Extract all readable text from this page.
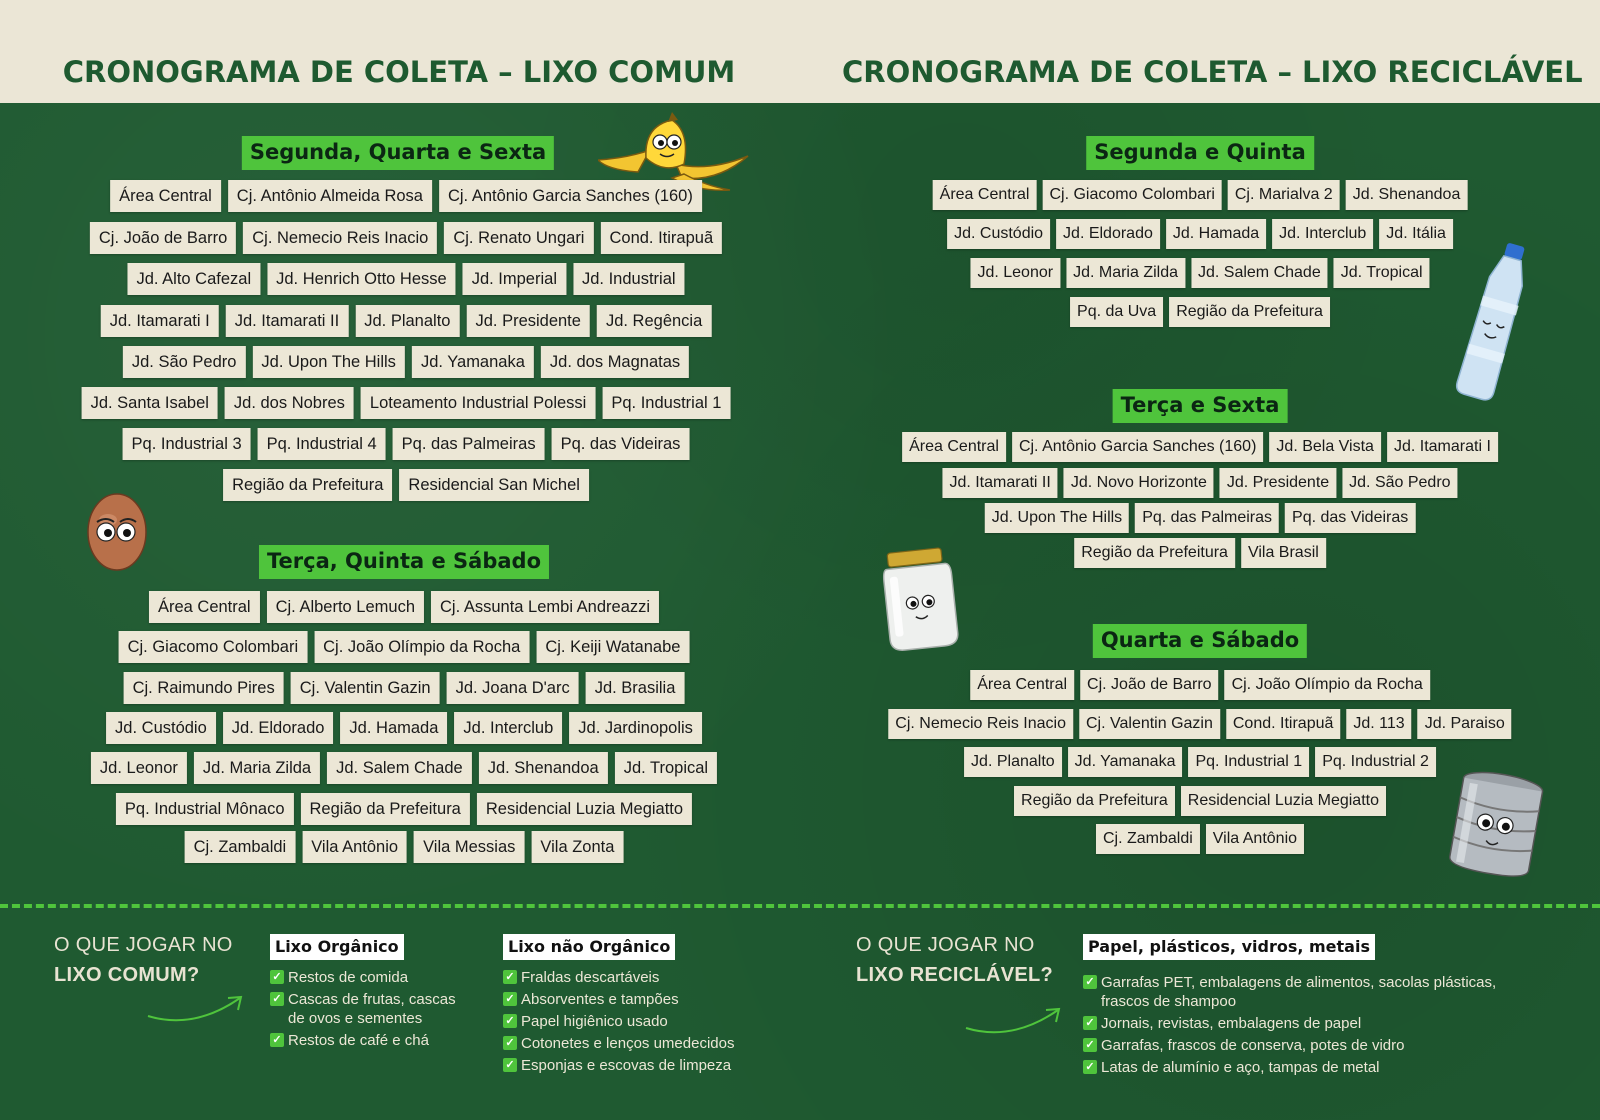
CRONOGRAMA DE COLETA – LIXO COMUM	CRONOGRAMA DE COLETA – LIXO RECICLÁVEL
Segunda, Quarta e Sexta
Terça, Quinta e Sábado
Segunda e Quinta
Terça e Sexta
Quarta e Sábado
O QUE JOGAR NO
LIXO COMUM?
Lixo Orgânico
✓ Restos de comida
✓ Cascas de frutas, cascas de ovos e sementes
✓ Restos de café e chá
Lixo não Orgânico
✓ Fraldas descartáveis
✓ Absorventes e tampões
✓ Papel higiênico usado
✓ Cotonetes e lenços umedecidos
✓ Esponjas e escovas de limpeza
O QUE JOGAR NO
LIXO RECICLÁVEL?
Papel, plásticos, vidros, metais
✓ Garrafas PET, embalagens de alimentos, sacolas plásticas, frascos de shampoo
✓ Jornais, revistas, embalagens de papel
✓ Garrafas, frascos de conserva, potes de vidro
✓ Latas de alumínio e aço, tampas de metal
Área Central	Cj. Antônio Almeida Rosa	Cj. Antônio Garcia Sanches (160)
Cj. João de Barro	Cj. Nemecio Reis Inacio	Cj. Renato Ungari	Cond. Itirapuã
Jd. Alto Cafezal	Jd. Henrich Otto Hesse	Jd. Imperial	Jd. Industrial
Jd. Itamarati I	Jd. Itamarati II	Jd. Planalto	Jd. Presidente	Jd. Regência
Jd. São Pedro	Jd. Upon The Hills	Jd. Yamanaka	Jd. dos Magnatas
Jd. Santa Isabel	Jd. dos Nobres	Loteamento Industrial Polessi	Pq. Industrial 1
Pq. Industrial 3	Pq. Industrial 4	Pq. das Palmeiras	Pq. das Videiras
Região da Prefeitura	Residencial San Michel
Área Central	Cj. Alberto Lemuch	Cj. Assunta Lembi Andreazzi
Cj. Giacomo Colombari	Cj. João Olímpio da Rocha	Cj. Keiji Watanabe
Cj. Raimundo Pires	Cj. Valentin Gazin	Jd. Joana D'arc	Jd. Brasilia
Jd. Custódio	Jd. Eldorado	Jd. Hamada	Jd. Interclub	Jd. Jardinopolis
Jd. Leonor	Jd. Maria Zilda	Jd. Salem Chade	Jd. Shenandoa	Jd. Tropical
Pq. Industrial Mônaco	Região da Prefeitura	Residencial Luzia Megiatto
Cj. Zambaldi	Vila Antônio	Vila Messias	Vila Zonta
Área Central	Cj. Giacomo Colombari	Cj. Marialva 2	Jd. Shenandoa
Jd. Custódio	Jd. Eldorado	Jd. Hamada	Jd. Interclub	Jd. Itália
Jd. Leonor	Jd. Maria Zilda	Jd. Salem Chade	Jd. Tropical
Pq. da Uva	Região da Prefeitura
Área Central	Cj. Antônio Garcia Sanches (160)	Jd. Bela Vista	Jd. Itamarati I
Jd. Itamarati II	Jd. Novo Horizonte	Jd. Presidente	Jd. São Pedro
Jd. Upon The Hills	Pq. das Palmeiras	Pq. das Videiras
Região da Prefeitura	Vila Brasil
Área Central	Cj. João de Barro	Cj. João Olímpio da Rocha
Cj. Nemecio Reis Inacio	Cj. Valentin Gazin	Cond. Itirapuã	Jd. 113	Jd. Paraiso
Jd. Planalto	Jd. Yamanaka	Pq. Industrial 1	Pq. Industrial 2
Região da Prefeitura	Residencial Luzia Megiatto
Cj. Zambaldi	Vila Antônio
